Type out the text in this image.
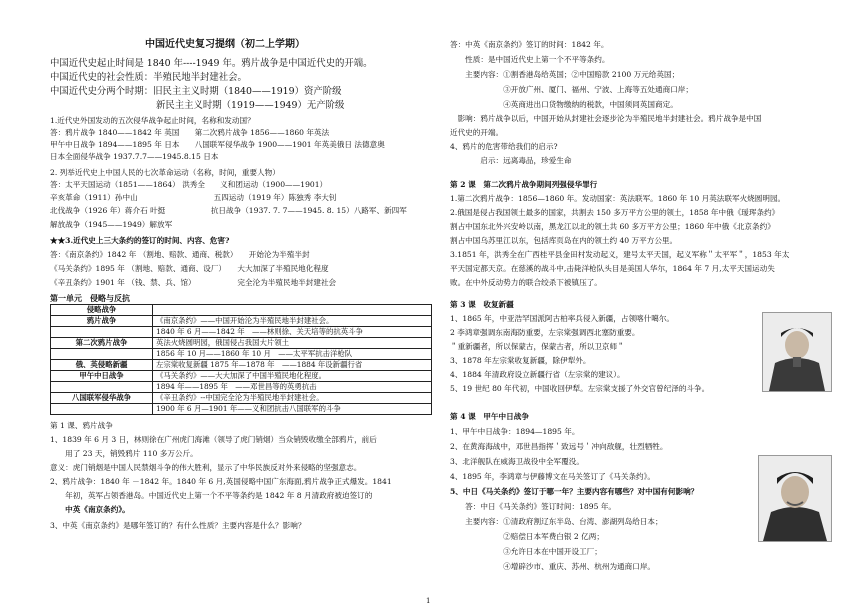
中国近代史复习提纲（初二上学期）
中国近代史起止时间是 1840 年----1949 年。鸦片战争是中国近代史的开端。
中国近代史的社会性质：半殖民地半封建社会。
中国近代史分两个时期：旧民主主义时期（1840——1919）资产阶级
新民主主义时期（1919——1949）无产阶级
1.近代史外国发动的五次侵华战争起止时间，名称和发动国？
答：鸦片战争 1840——1842 年 英国　　第二次鸦片战争 1856——1860 年英法
甲午中日战争 1894——1895 年 日本　　八国联军侵华战争 1900——1901 年英美俄日 法德意奥
日本全面侵华战争 1937.7.7——1945.8.15 日本
2. 列举近代史上中国人民的七次革命运动（名称，时间，重要人物）
答：太平天国运动（1851——1864） 洪秀全　　义和团运动（1900——1901）
辛亥革命（1911）孙中山　　　　　　　　　　五四运动（1919 年）陈独秀 李大钊
北伐战争（1926 年）蒋介石 叶挺　　　　　　抗日战争（1937. 7. 7——1945. 8. 15）八路军、新四军
解放战争（1945——1949）解放军
★★3.近代史上三大条约的签订的时间、内容、危害?
答：《南京条约》1842 年 （割地、赔款、通商、税款）　　开始沦为半殖半封
《马关条约》1895 年 （割地、赔款、通商、设厂）　　大大加深了半殖民地化程度
《辛丑条约》1901 年 （钱、禁、兵、馆）　　　　　　完全沦为半殖民地半封建社会
第一单元　侵略与反抗
侵略战争	
鸦片战争	《南京条约》——中国开始沦为半殖民地半封建社会。
	1840 年 6 月——1842 年　——林则徐、关天培等的抗英斗争
第二次鸦片战争	英法火烧圆明园，俄国侵占我国大片领土
	1856 年 10 月——1860 年 10 月　——太平军抗击洋枪队
俄、英侵略新疆	左宗棠收复新疆 1875 年—1878 年　——1884 年设新疆行省
甲午中日战争	《马关条约》——大大加深了中国半殖民地化程度。
	1894 年——1895 年　——邓世昌等的英勇抗击
八国联军侵华战争	《辛丑条约》--中国完全沦为半殖民地半封建社会。
	1900 年 6 月—1901 年——义和团抗击八国联军的斗争
第 1 课、鸦片战争
1、1839 年 6 月 3 日，林则徐在广州虎门海滩（领导了虎门销烟）当众销毁收缴全部鸦片，前后
　　用了 23 天，销毁鸦片 110 多万公斤。
意义：虎门销烟是中国人民禁烟斗争的伟大胜利，显示了中华民族反对外来侵略的坚强意志。
2、鸦片战争：1840 年 －1842 年。1840 年 6 月,英国侵略中国广东海面,鸦片战争正式爆发。1841
　　年初，英军占领香港岛。中国近代史上第一个不平等条约是 1842 年 8 月清政府被迫签订的
　　中英《南京条约》。
3、中英《南京条约》是哪年签订的？有什么性质？主要内容是什么？影响？
答：中英《南京条约》签订的时间：1842 年。
　　性质：是中国近代史上第一个不平等条约。
　　主要内容：①割香港岛给英国；②中国赔款 2100 万元给英国；
　　　　　　　③开放广州、厦门、福州、宁波、上海等五处通商口岸；
　　　　　　　④英商进出口货物缴纳的税款，中国须同英国商定。
　影响：鸦片战争以后，中国开始从封建社会逐步沦为半殖民地半封建社会。鸦片战争是中国
近代史的开端。
4、鸦片的危害带给我们的启示?
　　　　启示：远离毒品，珍爱生命
第 2 课　第二次鸦片战争期间列强侵华罪行
1.第二次鸦片战争：1856—1860 年。发动国家：英法联军。1860 年 10 月英法联军火烧圆明园。
2.俄国是侵占我国领土最多的国家，共割去 150 多万平方公里的领土，1858 年中俄《瑷珲条约》
割占中国东北外兴安岭以南，黑龙江以北的领土共 60 多万平方公里；1860 年中俄《北京条约》
割占中国乌苏里江以东，包括库页岛在内的领土约 40 万平方公里。
3.1851 年，洪秀全在广西桂平县金田村发动起义，建号太平天国，起义军称＂太平军＂，1853 年太
平天国定都天京。在慈溪的战斗中,击毙洋枪队头目是美国人华尔，1864 年 7 月,太平天国运动失
败。在中外反动势力的联合绞杀下被镇压了。
第 3 课　收复新疆
1、1865 年，中亚浩罕国派阿古柏率兵侵入新疆，占领喀什噶尔。
2 李鸿章强调东南海防重要，左宗棠强调西北塞防重要。
＂重新疆者，所以保蒙古，保蒙古者，所以卫京师＂
3、1878 年左宗棠收复新疆，除伊犁外。
4、1884 年清政府设立新疆行省（左宗棠的建议）。
5、19 世纪 80 年代初，中国收回伊犁。左宗棠支援了外交官曾纪泽的斗争。
第 4 课　甲午中日战争
1、甲午中日战争：1894—1895 年。
2、在黄海海战中，邓世昌指挥＇致远号＇冲向敌舰，壮烈牺牲。
3、北洋舰队在威海卫战役中全军覆没。
4、1895 年，李鸿章与伊藤博文在马关签订了《马关条约》。
5、中日《马关条约》签订于哪一年？主要内容有哪些？对中国有何影响？
　　答：中日《马关条约》签订时间：1895 年。
　　主要内容：①清政府割辽东半岛、台湾、澎湖列岛给日本；
　　　　　　　②赔偿日本军费白银 2 亿两；
　　　　　　　③允许日本在中国开设工厂；
　　　　　　　④增辟沙市、重庆、苏州、杭州为通商口岸。
1
